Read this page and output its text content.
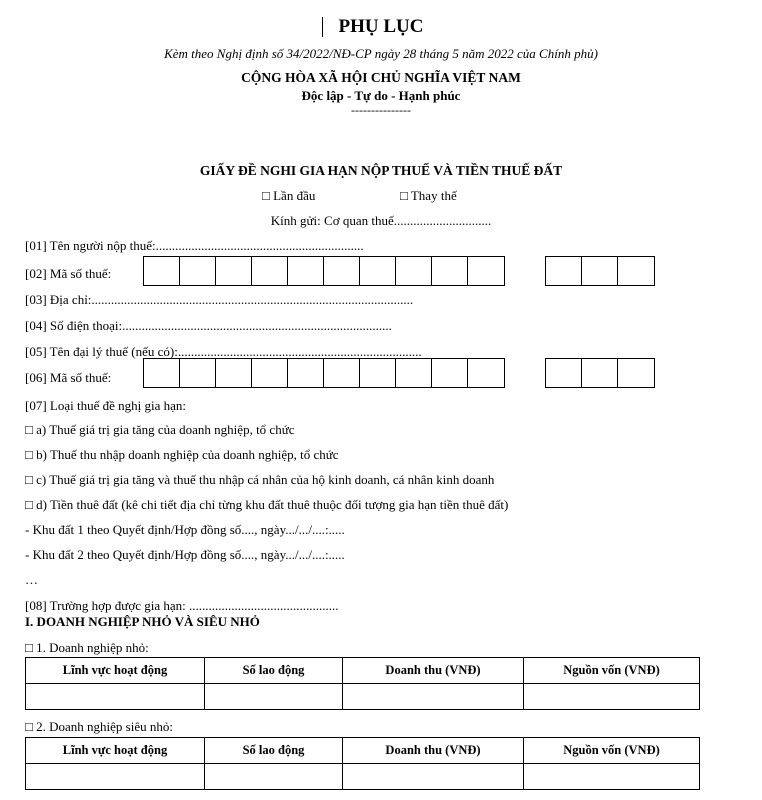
PHỤ LỤC
Kèm theo Nghị định số 34/2022/NĐ-CP ngày 28 tháng 5 năm 2022 của Chính phủ)
CỘNG HÒA XÃ HỘI CHỦ NGHĨA VIỆT NAM
Độc lập - Tự do - Hạnh phúc
---------------
GIẤY ĐỀ NGHI GIA HẠN NỘP THUẾ VÀ TIỀN THUẾ ĐẤT
□ Lần đầu	□ Thay thế
Kính gửi: Cơ quan thuế..............................
[01] Tên người nộp thuế:................................................................
[02] Mã số thuế:
[03] Địa chỉ:...................................................................................................
[04] Số điện thoại:...................................................................................
[05] Tên đại lý thuế (nếu có):...........................................................................
[06] Mã số thuế:
[07] Loại thuế đề nghị gia hạn:
□ a) Thuế giá trị gia tăng của doanh nghiệp, tổ chức
□ b) Thuế thu nhập doanh nghiệp của doanh nghiệp, tổ chức
□ c) Thuế giá trị gia tăng và thuế thu nhập cá nhân của hộ kinh doanh, cá nhân kinh doanh
□ d) Tiền thuê đất (kê chi tiết địa chỉ từng khu đất thuê thuộc đối tượng gia hạn tiền thuê đất)
- Khu đất 1 theo Quyết định/Hợp đồng số...., ngày.../.../....:.....
- Khu đất 2 theo Quyết định/Hợp đồng số...., ngày.../.../....:.....
…
[08] Trường hợp được gia hạn: ..............................................
I. DOANH NGHIỆP NHỎ VÀ SIÊU NHỎ
□ 1. Doanh nghiệp nhỏ:
Lĩnh vực hoạt động	Số lao động	Doanh thu (VNĐ)	Nguồn vốn (VNĐ)

□ 2. Doanh nghiệp siêu nhỏ:
Lĩnh vực hoạt động	Số lao động	Doanh thu (VNĐ)	Nguồn vốn (VNĐ)
